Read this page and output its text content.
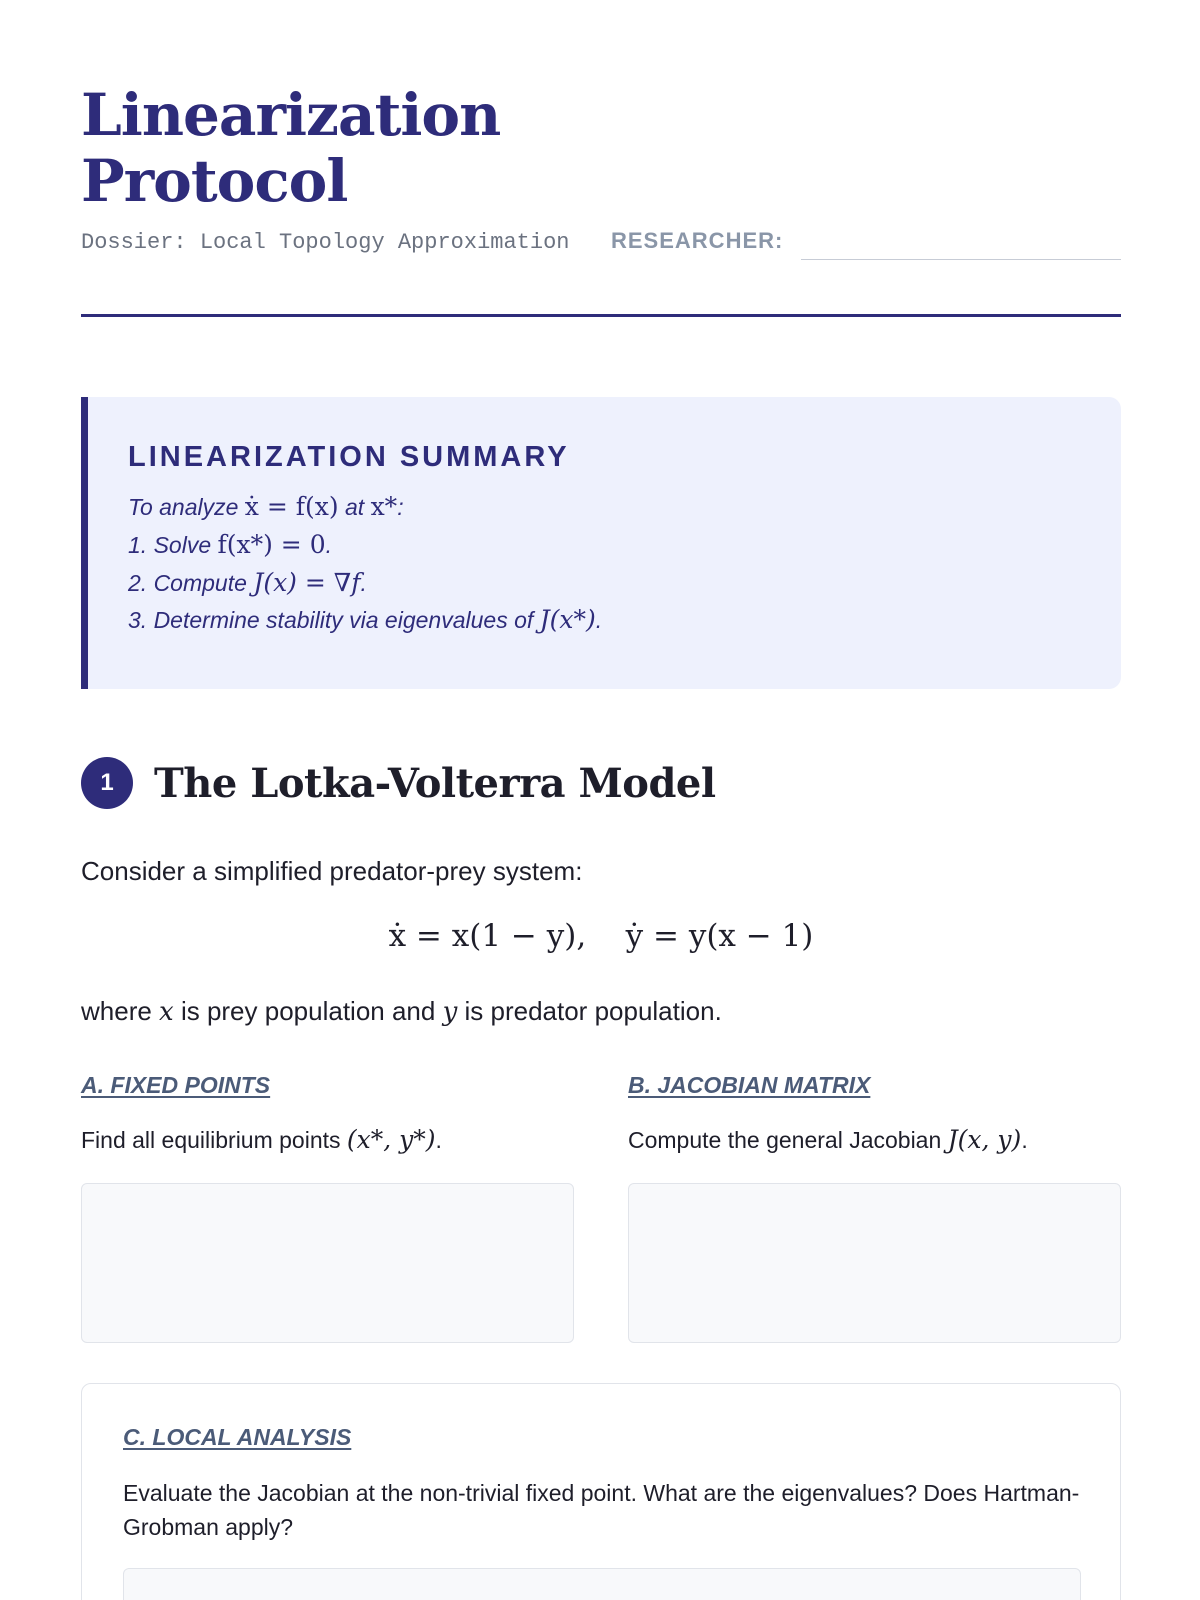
Linearization
Protocol
Dossier: Local Topology Approximation RESEARCHER:
LINEARIZATION SUMMARY
To analyze ẋ = f(x) at x*:
1. Solve f(x*) = 0.
2. Compute J(x) = ∇f.
3. Determine stability via eigenvalues of J(x*).
1	The Lotka-Volterra Model

Consider a simplified predator-prey system:

ẋ = x(1 − y),    ẏ = y(x − 1)

where x is prey population and y is predator population.

A. FIXED POINTS

Find all equilibrium points (x*, y*).

B. JACOBIAN MATRIX

Compute the general Jacobian J(x, y).

C. LOCAL ANALYSIS

Evaluate the Jacobian at the non-trivial fixed point. What are the eigenvalues? Does Hartman-Grobman apply?
